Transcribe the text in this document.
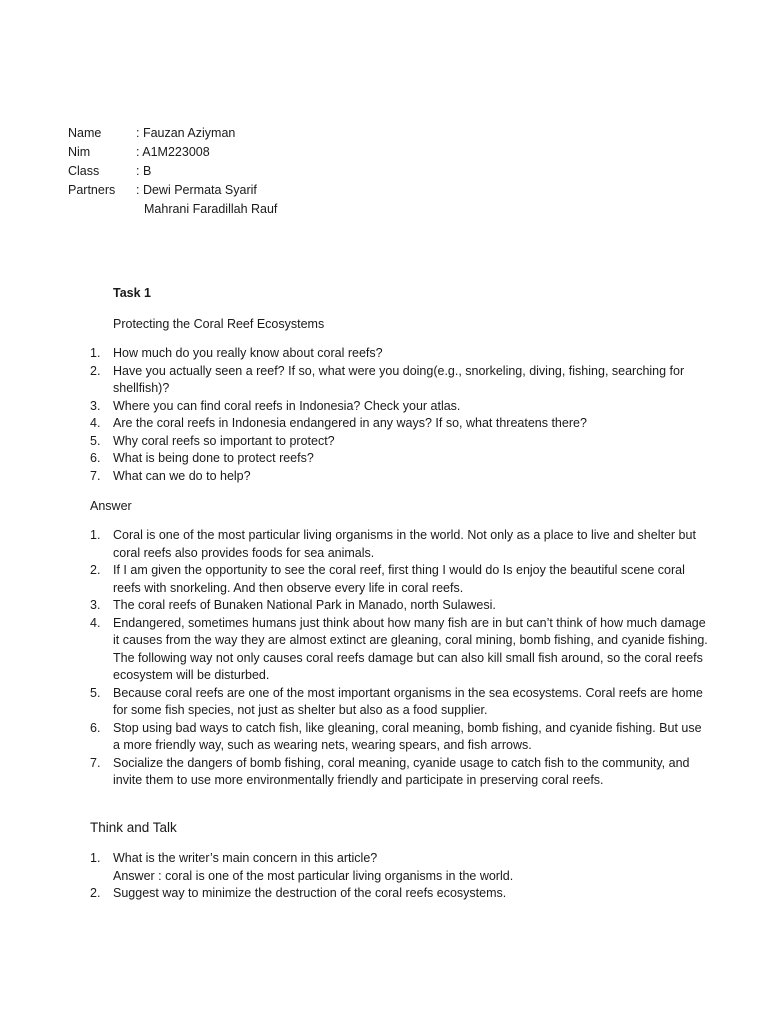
Name	: Fauzan Aziyman
Nim	: A1M223008
Class	: B
Partners	: Dewi Permata Syarif
Mahrani Faradillah Rauf
Task 1
Protecting the Coral Reef Ecosystems
1. How much do you really know about coral reefs?
2. Have you actually seen a reef? If so, what were you doing(e.g., snorkeling, diving, fishing, searching for shellfish)?
3. Where you can find coral reefs in Indonesia? Check your atlas.
4. Are the coral reefs in Indonesia endangered in any ways? If so, what threatens there?
5. Why coral reefs so important to protect?
6. What is being done to protect reefs?
7. What can we do to help?
Answer
1. Coral is one of the most particular living organisms in the world. Not only as a place to live and shelter but coral reefs also provides foods for sea animals.
2. If I am given the opportunity to see the coral reef, first thing I would do Is enjoy the beautiful scene coral reefs with snorkeling. And then observe every life in coral reefs.
3. The coral reefs of Bunaken National Park in Manado, north Sulawesi.
4. Endangered, sometimes humans just think about how many fish are in but can’t think of how much damage it causes from the way they are almost extinct are gleaning, coral mining, bomb fishing, and cyanide fishing. The following way not only causes coral reefs damage but can also kill small fish around, so the coral reefs ecosystem will be disturbed.
5. Because coral reefs are one of the most important organisms in the sea ecosystems. Coral reefs are home for some fish species, not just as shelter but also as a food supplier.
6. Stop using bad ways to catch fish, like gleaning, coral meaning, bomb fishing, and cyanide fishing. But use a more friendly way, such as wearing nets, wearing spears, and fish arrows.
7. Socialize the dangers of bomb fishing, coral meaning, cyanide usage to catch fish to the community, and invite them to use more environmentally friendly and participate in preserving coral reefs.
Think and Talk
1. What is the writer’s main concern in this article?
Answer : coral is one of the most particular living organisms in the world.
2. Suggest way to minimize the destruction of the coral reefs ecosystems.
